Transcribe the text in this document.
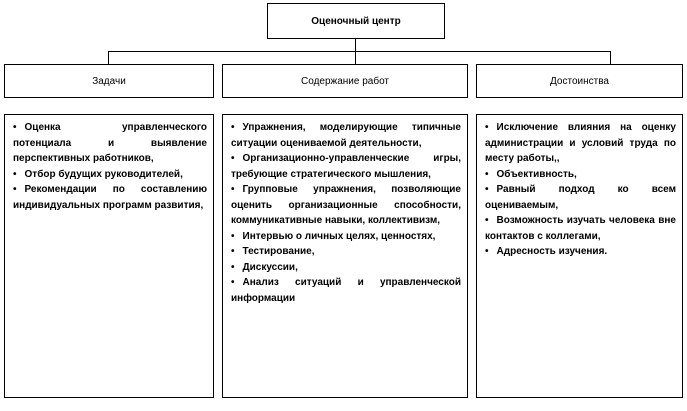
Оценочный центр
Задачи	Содержание работ	Достоинства

• Оценка управленческого потенциала и выявление перспективных работников,

• Отбор будущих руководителей,

• Рекомендации по составлению индивидуальных программ развития,

• Упражнения, моделирующие типичные ситуации оцениваемой деятельности,

• Организационно-управленческие игры, требующие стратегического мышления,

• Групповые упражнения, позволяющие оценить организационные способности, коммуникативные навыки, коллективизм,

• Интервью о личных целях, ценностях,

• Тестирование,

• Дискуссии,

• Анализ ситуаций и управленческой информации

• Исключение влияния на оценку администрации и условий труда по месту работы,,

• Объективность,

• Равный подход ко всем оцениваемым,

• Возможность изучать человека вне контактов с коллегами,

• Адресность изучения.
